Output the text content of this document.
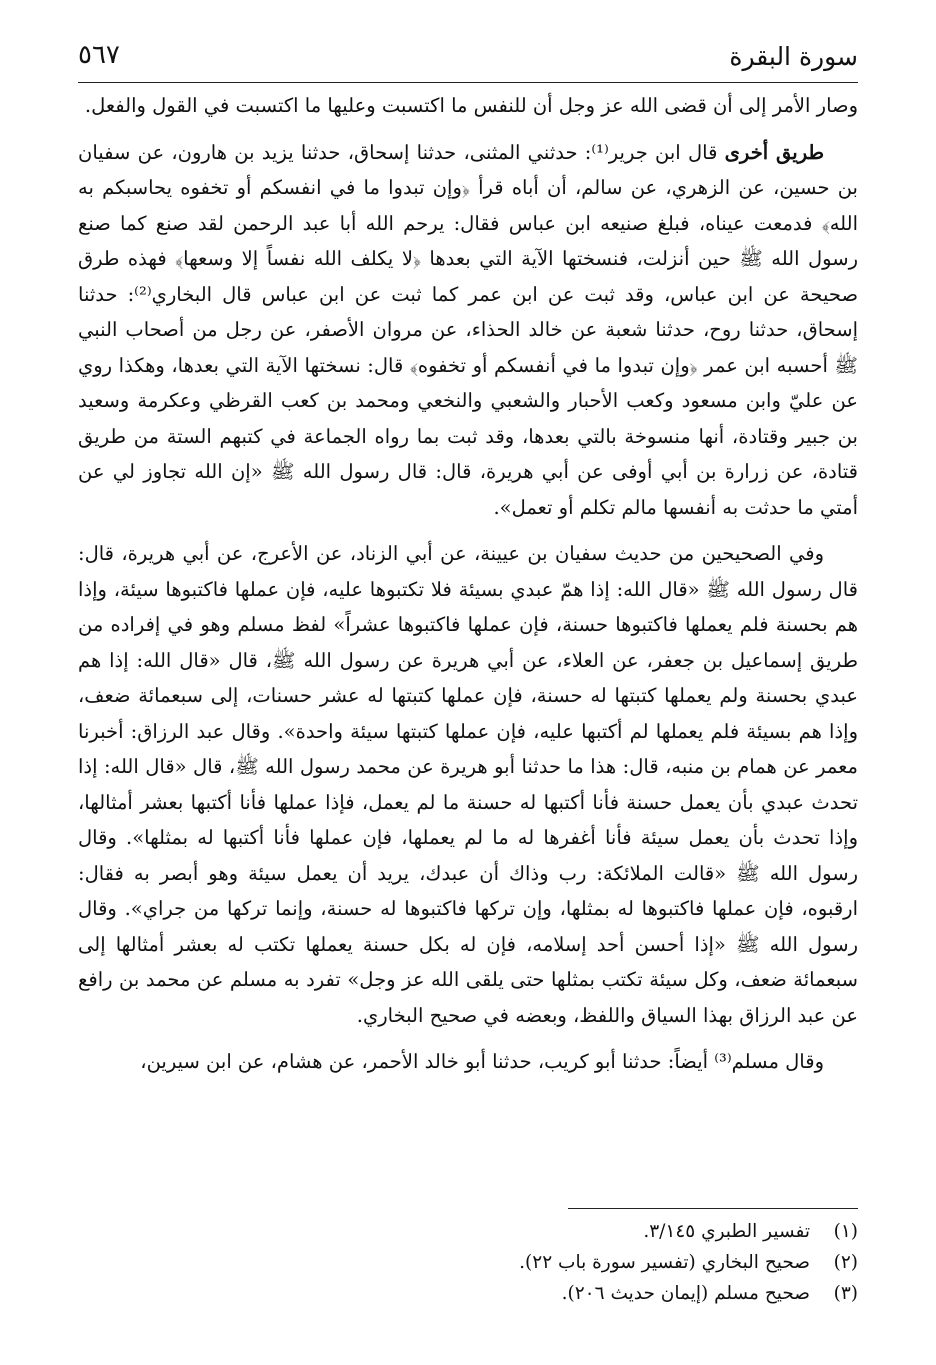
سورة البقرة
٥٦٧

وصار الأمر إلى أن قضى الله عز وجل أن للنفس ما اكتسبت وعليها ما اكتسبت في القول والفعل.

طريق أخرى قال ابن جرير⁽¹⁾: حدثني المثنى، حدثنا إسحاق، حدثنا يزيد بن هارون، عن سفيان بن حسين، عن الزهري، عن سالم، أن أباه قرأ ﴿وإن تبدوا ما في انفسكم أو تخفوه يحاسبكم به الله﴾ فدمعت عيناه، فبلغ صنيعه ابن عباس فقال: يرحم الله أبا عبد الرحمن لقد صنع كما صنع رسول الله ﷺ حين أنزلت، فنسختها الآية التي بعدها ﴿لا يكلف الله نفساً إلا وسعها﴾ فهذه طرق صحيحة عن ابن عباس، وقد ثبت عن ابن عمر كما ثبت عن ابن عباس قال البخاري⁽²⁾: حدثنا إسحاق، حدثنا روح، حدثنا شعبة عن خالد الحذاء، عن مروان الأصفر، عن رجل من أصحاب النبي ﷺ أحسبه ابن عمر ﴿وإن تبدوا ما في أنفسكم أو تخفوه﴾ قال: نسختها الآية التي بعدها، وهكذا روي عن عليّ وابن مسعود وكعب الأحبار والشعبي والنخعي ومحمد بن كعب القرظي وعكرمة وسعيد بن جبير وقتادة، أنها منسوخة بالتي بعدها، وقد ثبت بما رواه الجماعة في كتبهم الستة من طريق قتادة، عن زرارة بن أبي أوفى عن أبي هريرة، قال: قال رسول الله ﷺ «إن الله تجاوز لي عن أمتي ما حدثت به أنفسها مالم تكلم أو تعمل».

وفي الصحيحين من حديث سفيان بن عيينة، عن أبي الزناد، عن الأعرج، عن أبي هريرة، قال: قال رسول الله ﷺ «قال الله: إذا همّ عبدي بسيئة فلا تكتبوها عليه، فإن عملها فاكتبوها سيئة، وإذا هم بحسنة فلم يعملها فاكتبوها حسنة، فإن عملها فاكتبوها عشراً» لفظ مسلم وهو في إفراده من طريق إسماعيل بن جعفر، عن العلاء، عن أبي هريرة عن رسول الله ﷺ، قال «قال الله: إذا هم عبدي بحسنة ولم يعملها كتبتها له حسنة، فإن عملها كتبتها له عشر حسنات، إلى سبعمائة ضعف، وإذا هم بسيئة فلم يعملها لم أكتبها عليه، فإن عملها كتبتها سيئة واحدة». وقال عبد الرزاق: أخبرنا معمر عن همام بن منبه، قال: هذا ما حدثنا أبو هريرة عن محمد رسول الله ﷺ، قال «قال الله: إذا تحدث عبدي بأن يعمل حسنة فأنا أكتبها له حسنة ما لم يعمل، فإذا عملها فأنا أكتبها بعشر أمثالها، وإذا تحدث بأن يعمل سيئة فأنا أغفرها له ما لم يعملها، فإن عملها فأنا أكتبها له بمثلها». وقال رسول الله ﷺ «قالت الملائكة: رب وذاك أن عبدك، يريد أن يعمل سيئة وهو أبصر به فقال: ارقبوه، فإن عملها فاكتبوها له بمثلها، وإن تركها فاكتبوها له حسنة، وإنما تركها من جراي». وقال رسول الله ﷺ «إذا أحسن أحد إسلامه، فإن له بكل حسنة يعملها تكتب له بعشر أمثالها إلى سبعمائة ضعف، وكل سيئة تكتب بمثلها حتى يلقى الله عز وجل» تفرد به مسلم عن محمد بن رافع عن عبد الرزاق بهذا السياق واللفظ، وبعضه في صحيح البخاري.

وقال مسلم⁽³⁾ أيضاً: حدثنا أبو كريب، حدثنا أبو خالد الأحمر، عن هشام، عن ابن سيرين،

(١)تفسير الطبري ٣/١٤٥.
(٢)صحيح البخاري (تفسير سورة باب ٢٢).
(٣)صحيح مسلم (إيمان حديث ٢٠٦).
